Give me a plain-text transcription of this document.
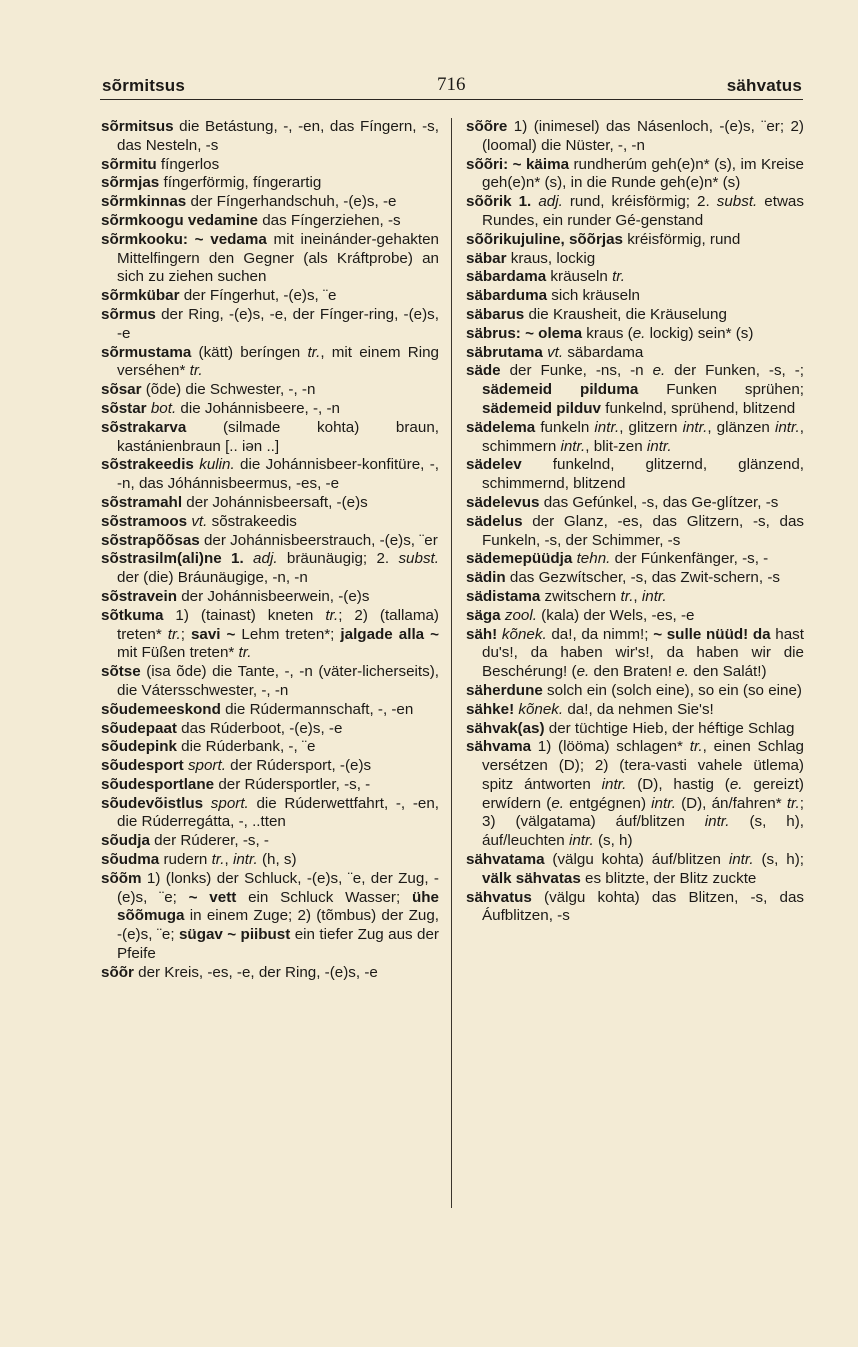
sõrmitsus	716	sähvatus
sõrmitsus die Betástung, -, -en, das Fíngern, -s, das Nesteln, -s
sõrmitu fíngerlos
sõrmjas fíngerförmig, fíngerartig
sõrmkinnas der Fíngerhandschuh, -(e)s, -e
sõrmkoogu vedamine das Fíngerziehen, -s
sõrmkooku: ~ vedama mit ineinánder-gehakten Mittelfingern den Gegner (als Kráftprobe) an sich zu ziehen suchen
sõrmkübar der Fíngerhut, -(e)s, ¨e
sõrmus der Ring, -(e)s, -e, der Fínger-ring, -(e)s, -e
sõrmustama (kätt) beríngen tr., mit einem Ring verséhen* tr.
sõsar (õde) die Schwester, -, -n
sõstar bot. die Johánnisbeere, -, -n
sõstrakarva (silmade kohta) braun, kastánienbraun [.. iən ..]
sõstrakeedis kulin. die Johánnisbeer-konfitüre, -, -n, das Jóhánnisbeermus, -es, -e
sõstramahl der Johánnisbeersaft, -(e)s
sõstramoos vt. sõstrakeedis
sõstrapõõsas der Johánnisbeerstrauch, -(e)s, ¨er
sõstrasilm(ali)ne 1. adj. bräunäugig; 2. subst. der (die) Bráunäugige, -n, -n
sõstravein der Johánnisbeerwein, -(e)s
sõtkuma 1) (tainast) kneten tr.; 2) (tallama) treten* tr.; savi ~ Lehm treten*; jalgade alla ~ mit Füßen treten* tr.
sõtse (isa õde) die Tante, -, -n (väter-licherseits), die Vátersschwester, -, -n
sõudemeeskond die Rúdermannschaft, -, -en
sõudepaat das Rúderboot, -(e)s, -e
sõudepink die Rúderbank, -, ¨e
sõudesport sport. der Rúdersport, -(e)s
sõudesportlane der Rúdersportler, -s, -
sõudevõistlus sport. die Rúderwettfahrt, -, -en, die Rúderregátta, -, ..tten
sõudja der Rúderer, -s, -
sõudma rudern tr., intr. (h, s)
sõõm 1) (lonks) der Schluck, -(e)s, ¨e, der Zug, -(e)s, ¨e; ~ vett ein Schluck Wasser; ühe sõõmuga in einem Zuge; 2) (tõmbus) der Zug, -(e)s, ¨e; sügav ~ piibust ein tiefer Zug aus der Pfeife
sõõr der Kreis, -es, -e, der Ring, -(e)s, -e
sõõre 1) (inimesel) das Násenloch, -(e)s, ¨er; 2) (loomal) die Nüster, -, -n
sõõri: ~ käima rundherúm geh(e)n* (s), im Kreise geh(e)n* (s), in die Runde geh(e)n* (s)
sõõrik 1. adj. rund, kréisförmig; 2. subst. etwas Rundes, ein runder Gé-genstand
sõõrikujuline, sõõrjas kréisförmig, rund
säbar kraus, lockig
säbardama kräuseln tr.
säbarduma sich kräuseln
säbarus die Krausheit, die Kräuselung
säbrus: ~ olema kraus (e. lockig) sein* (s)
säbrutama vt. säbardama
säde der Funke, -ns, -n e. der Funken, -s, -; sädemeid pilduma Funken sprühen; sädemeid pilduv funkelnd, sprühend, blitzend
sädelema funkeln intr., glitzern intr., glänzen intr., schimmern intr., blit-zen intr.
sädelev funkelnd, glitzernd, glänzend, schimmernd, blitzend
sädelevus das Gefúnkel, -s, das Ge-glítzer, -s
sädelus der Glanz, -es, das Glitzern, -s, das Funkeln, -s, der Schimmer, -s
sädemepüüdja tehn. der Fúnkenfänger, -s, -
sädin das Gezwítscher, -s, das Zwit-schern, -s
sädistama zwitschern tr., intr.
säga zool. (kala) der Wels, -es, -e
säh! kõnek. da!, da nimm!; ~ sulle nüüd! da hast du's!, da haben wir's!, da haben wir die Beschérung! (e. den Braten! e. den Salát!)
säherdune solch ein (solch eine), so ein (so eine)
sähke! kõnek. da!, da nehmen Sie's!
sähvak(as) der tüchtige Hieb, der héftige Schlag
sähvama 1) (lööma) schlagen* tr., einen Schlag versétzen (D); 2) (tera-vasti vahele ütlema) spitz ántworten intr. (D), hastig (e. gereizt) erwídern (e. entgégnen) intr. (D), án/fahren* tr.; 3) (välgatama) áuf/blitzen intr. (s, h), áuf/leuchten intr. (s, h)
sähvatama (välgu kohta) áuf/blitzen intr. (s, h); välk sähvatas es blitzte, der Blitz zuckte
sähvatus (välgu kohta) das Blitzen, -s, das Áufblitzen, -s
